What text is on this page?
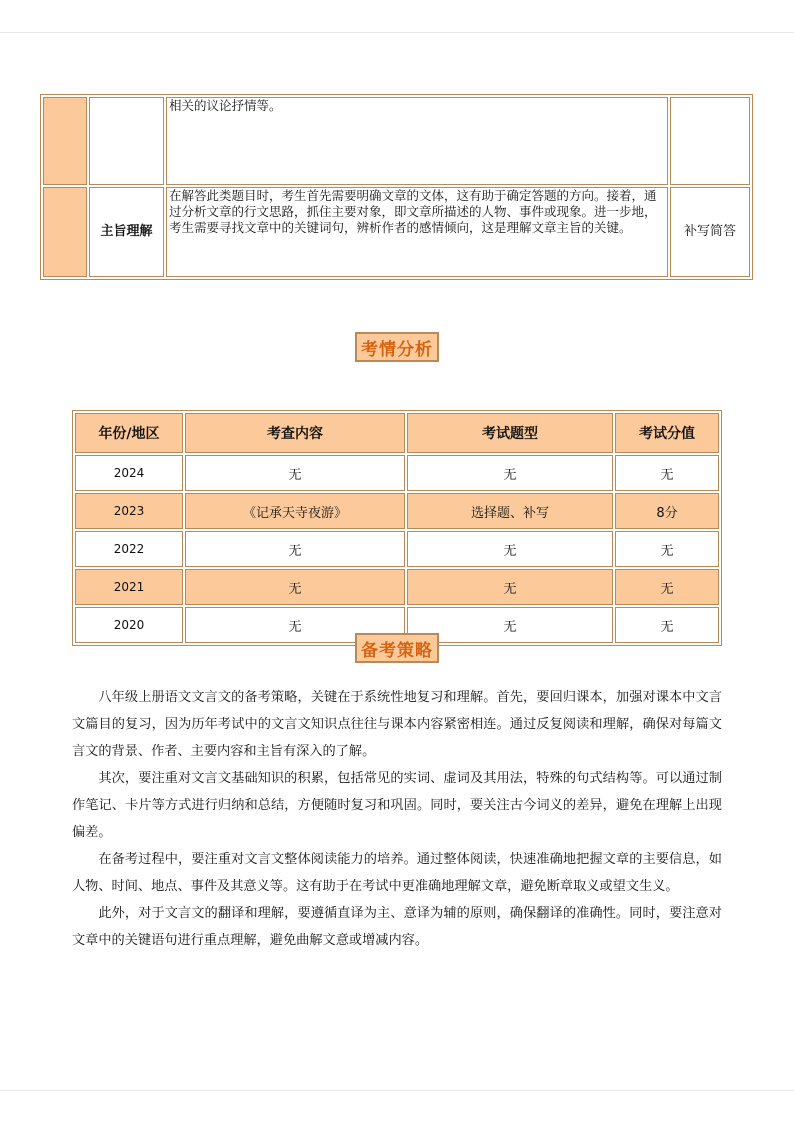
		相关的议论抒情等。	
	主旨理解	在解答此类题目时，考生首先需要明确文章的文体，这有助于确定答题的方向。接着，通过分析文章的行文思路，抓住主要对象，即文章所描述的人物、事件或现象。进一步地，考生需要寻找文章中的关键词句，辨析作者的感情倾向，这是理解文章主旨的关键。	补写简答
考情分析
年份/地区	考查内容	考试题型	考试分值
2024	无	无	无
2023	《记承天寺夜游》	选择题、补写	8分
2022	无	无	无
2021	无	无	无
2020	无	无	无
备考策略

八年级上册语文文言文的备考策略，关键在于系统性地复习和理解。首先，要回归课本，加强对课本中文言文篇目的复习，因为历年考试中的文言文知识点往往与课本内容紧密相连。通过反复阅读和理解，确保对每篇文言文的背景、作者、主要内容和主旨有深入的了解。

其次，要注重对文言文基础知识的积累，包括常见的实词、虚词及其用法，特殊的句式结构等。可以通过制作笔记、卡片等方式进行归纳和总结，方便随时复习和巩固。同时，要关注古今词义的差异，避免在理解上出现偏差。

在备考过程中，要注重对文言文整体阅读能力的培养。通过整体阅读，快速准确地把握文章的主要信息，如人物、时间、地点、事件及其意义等。这有助于在考试中更准确地理解文章，避免断章取义或望文生义。

此外，对于文言文的翻译和理解，要遵循直译为主、意译为辅的原则，确保翻译的准确性。同时，要注意对文章中的关键语句进行重点理解，避免曲解文意或增减内容。
